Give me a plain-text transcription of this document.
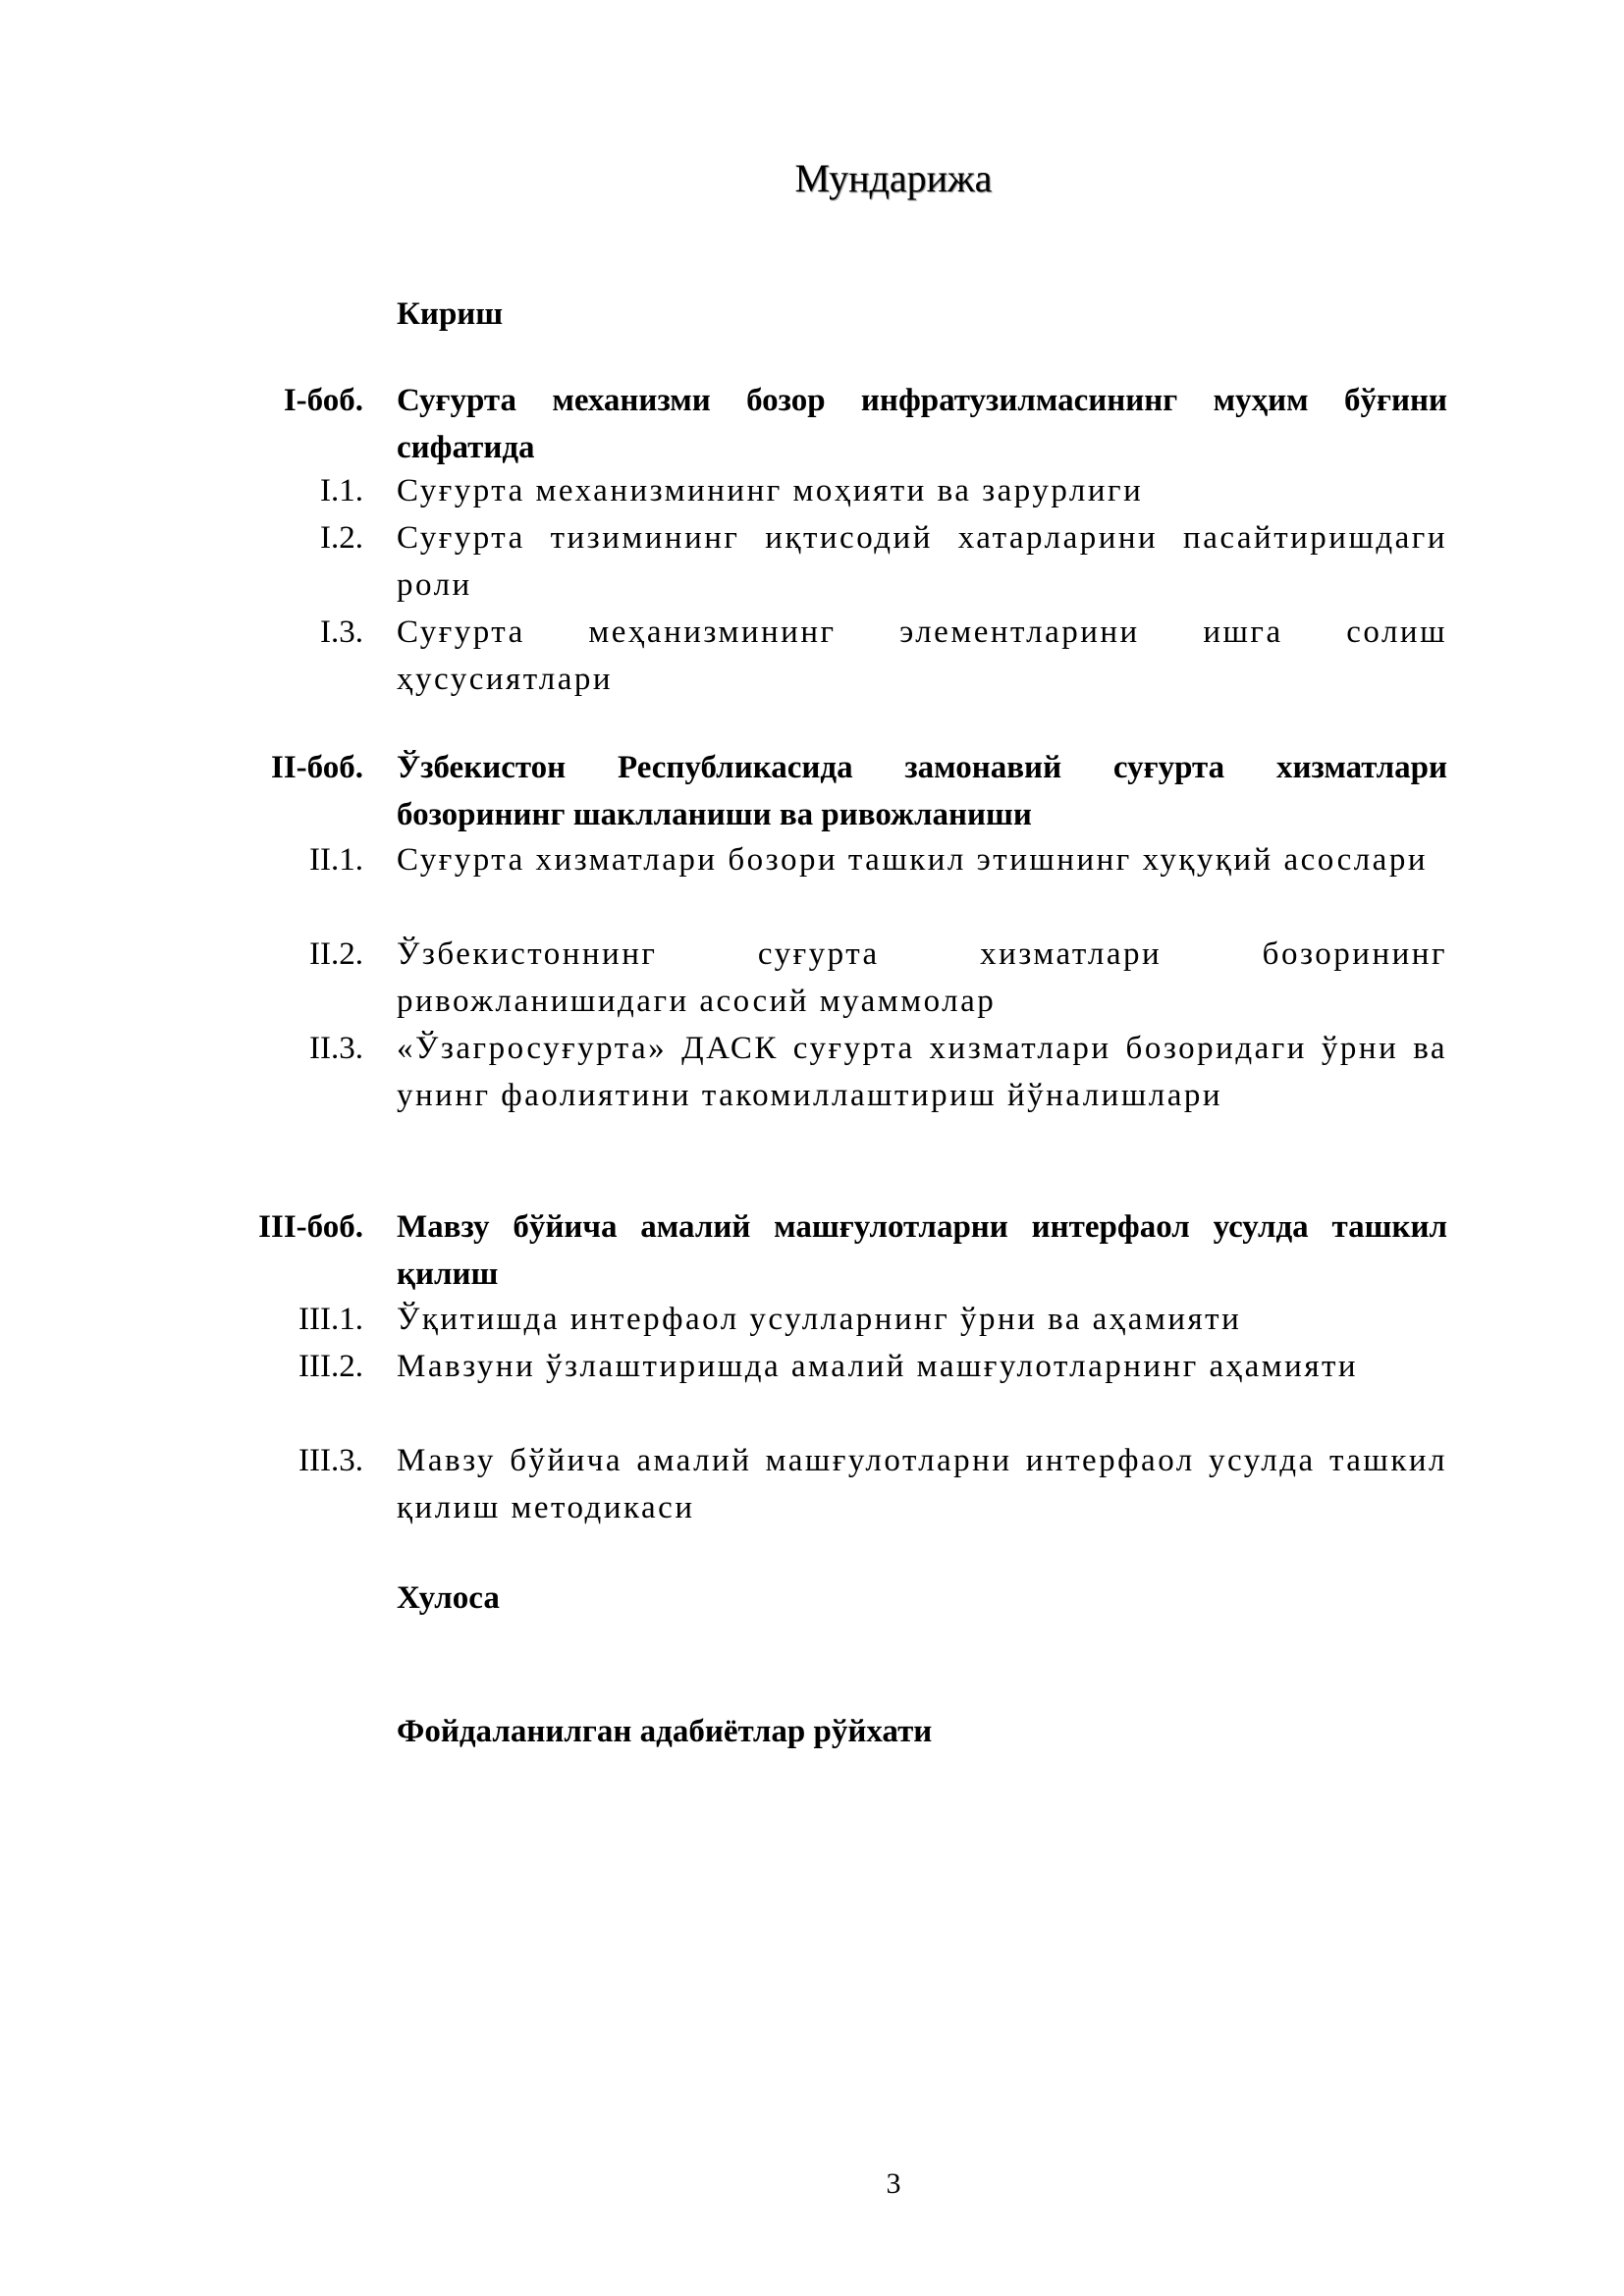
Мундарижа
Кириш
I-боб. Суғурта механизми бозор инфратузилмасининг муҳим бўғини сифатида
I.1. Суғурта механизмининг моҳияти ва зарурлиги
I.2. Суғурта тизимининг иқтисодий хатарларини пасайтиришдаги роли
I.3. Суғурта меҳанизмининг элементларини ишга солиш ҳусусиятлари
II-боб. Ўзбекистон Республикасида замонавий суғурта хизматлари бозорининг шаклланиши ва ривожланиши
II.1. Суғурта хизматлари бозори ташкил этишнинг хуқуқий асослари
II.2. Ўзбекистоннинг суғурта хизматлари бозорининг ривожланишидаги асосий муаммолар
II.3. «Ўзагросуғурта» ДАСК суғурта хизматлари бозоридаги ўрни ва унинг фаолиятини такомиллаштириш йўналишлари
III-боб. Мавзу бўйича амалий машғулотларни интерфаол усулда ташкил қилиш
III.1. Ўқитишда интерфаол усулларнинг ўрни ва аҳамияти
III.2. Мавзуни ўзлаштиришда амалий машғулотларнинг аҳамияти
III.3. Мавзу бўйича амалий машғулотларни интерфаол усулда ташкил қилиш методикаси
Хулоса
Фойдаланилган адабиётлар рўйхати
3
